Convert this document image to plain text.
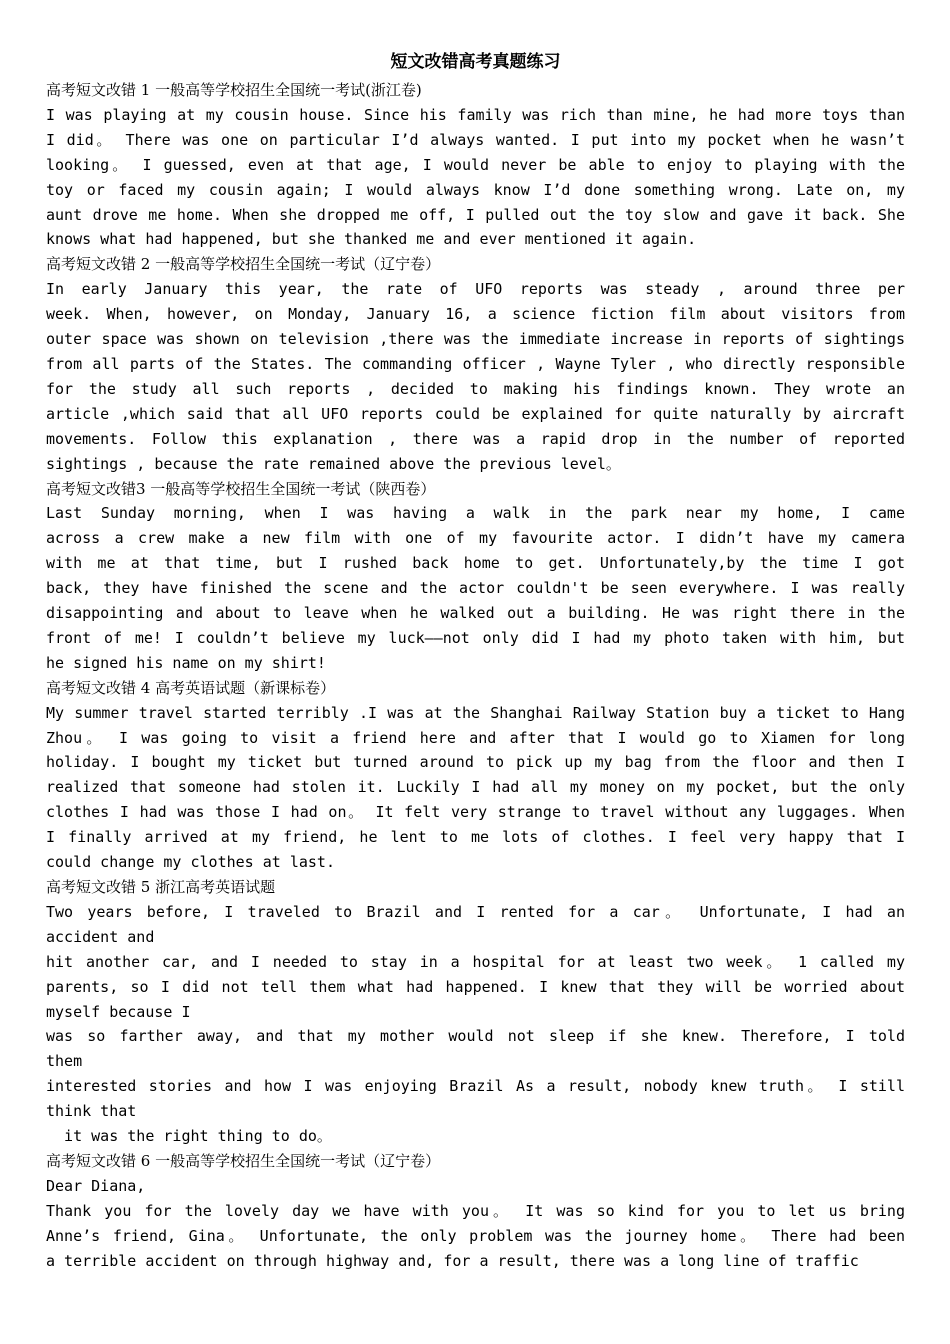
短文改错高考真题练习
高考短文改错 1 一般高等学校招生全国统一考试(浙江卷)
I was playing at my cousin house. Since his family was rich than mine, he had more toys than
I did。 There was one on particular I’d always wanted. I put into my pocket when he wasn’t
looking。 I guessed, even at that age, I would never be able to enjoy to playing with the
toy or faced my cousin again; I would always know I’d done something wrong. Late on, my
aunt drove me home. When she dropped me off, I pulled out the toy slow and gave it back. She
knows what had happened, but she thanked me and ever mentioned it again.
高考短文改错 2 一般高等学校招生全国统一考试（辽宁卷）
In early January this year, the rate of UFO reports was steady , around three per
week. When, however, on Monday, January 16, a science fiction film about visitors from
outer space was shown on television ,there was the immediate increase in reports of sightings
from all parts of the States. The commanding officer , Wayne Tyler , who directly responsible
for the study all such reports , decided to making his findings known. They wrote an
article ,which said that all UFO reports could be explained for quite naturally by aircraft
movements. Follow this explanation , there was a rapid drop in the number of reported
sightings , because the rate remained above the previous level。
高考短文改错3 一般高等学校招生全国统一考试（陕西卷）
Last Sunday morning, when I was having a walk in the park near my home, I came
across a crew make a new film with one of my favourite actor. I didn’t have my camera
with me at that time, but I rushed back home to get. Unfortunately,by the time I got
back, they have finished the scene and the actor couldn't be seen everywhere. I was really
disappointing and about to leave when he walked out a building. He was right there in the
front of me! I couldn’t believe my luck——not only did I had my photo taken with him, but
he signed his name on my shirt!
高考短文改错 4 高考英语试题（新课标卷）
My summer travel started terribly .I was at the Shanghai Railway Station buy a ticket to Hang
Zhou。 I was going to visit a friend here and after that I would go to Xiamen for long
holiday. I bought my ticket but turned around to pick up my bag from the floor and then I
realized that someone had stolen it. Luckily I had all my money on my pocket, but the only
clothes I had was those I had on。 It felt very strange to travel without any luggages. When
I finally arrived at my friend, he lent to me lots of clothes. I feel very happy that I
could change my clothes at last.
高考短文改错 5 浙江高考英语试题
Two years before, I traveled to Brazil and I rented for a car。 Unfortunate, I had an
accident and
hit another car, and I needed to stay in a hospital for at least two week。 1 called my
parents, so I did not tell them what had happened. I knew that they will be worried about
myself because I
was so farther away, and that my mother would not sleep if she knew. Therefore, I told
them
interested stories and how I was enjoying Brazil As a result, nobody knew truth。 I still
think that
it was the right thing to do。
高考短文改错 6 一般高等学校招生全国统一考试（辽宁卷）
Dear Diana,
Thank you for the lovely day we have with you。 It was so kind for you to let us bring
Anne’s friend, Gina。 Unfortunate, the only problem was the journey home。 There had been
a terrible accident on through highway and, for a result, there was a long line of traffic
